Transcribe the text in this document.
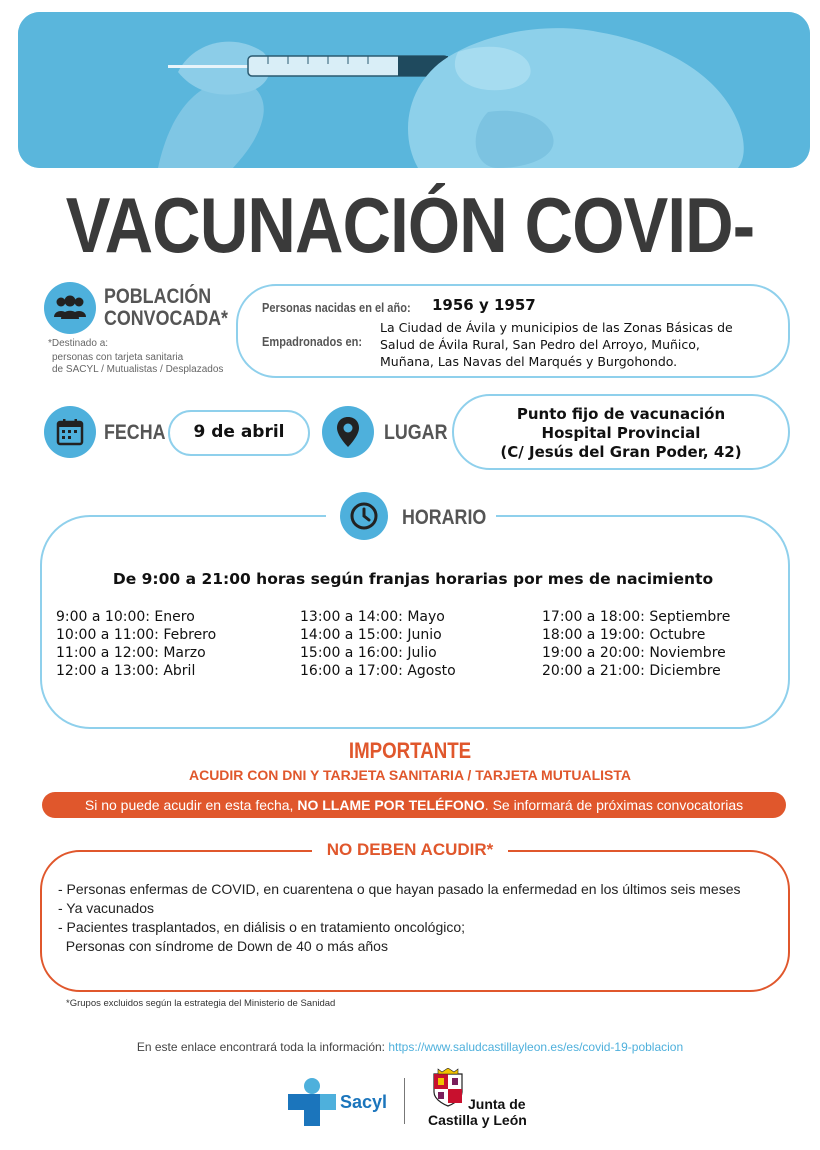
VACUNACIÓN COVID-
POBLACIÓN
CONVOCADA*
*Destinado a:
personas con tarjeta sanitaria
de SACYL / Mutualistas / Desplazados
Personas nacidas en el año: 1956 y 1957
Empadronados en:
La Ciudad de Ávila y municipios de las Zonas Básicas de
Salud de Ávila Rural, San Pedro del Arroyo, Muñico,
Muñana, Las Navas del Marqués y Burgohondo.
FECHA	9 de abril	LUGAR
Punto fijo de vacunación
Hospital Provincial
(C/ Jesús del Gran Poder, 42)
HORARIO
De 9:00 a 21:00 horas según franjas horarias por mes de nacimiento
9:00 a 10:00: Enero
10:00 a 11:00: Febrero
11:00 a 12:00: Marzo
12:00 a 13:00: Abril
13:00 a 14:00: Mayo
14:00 a 15:00: Junio
15:00 a 16:00: Julio
16:00 a 17:00: Agosto
17:00 a 18:00: Septiembre
18:00 a 19:00: Octubre
19:00 a 20:00: Noviembre
20:00 a 21:00: Diciembre
IMPORTANTE
ACUDIR CON DNI Y TARJETA SANITARIA / TARJETA MUTUALISTA
Si no puede acudir en esta fecha, NO LLAME POR TELÉFONO. Se informará de próximas convocatorias
NO DEBEN ACUDIR*
- Personas enfermas de COVID, en cuarentena o que hayan pasado la enfermedad en los últimos seis meses
- Ya vacunados
- Pacientes trasplantados, en diálisis o en tratamiento oncológico;
Personas con síndrome de Down de 40 o más años
*Grupos excluidos según la estrategia del Ministerio de Sanidad
En este enlace encontrará toda la información: https://www.saludcastillayleon.es/es/covid-19-poblacion
Sacyl	Junta de
Castilla y León
